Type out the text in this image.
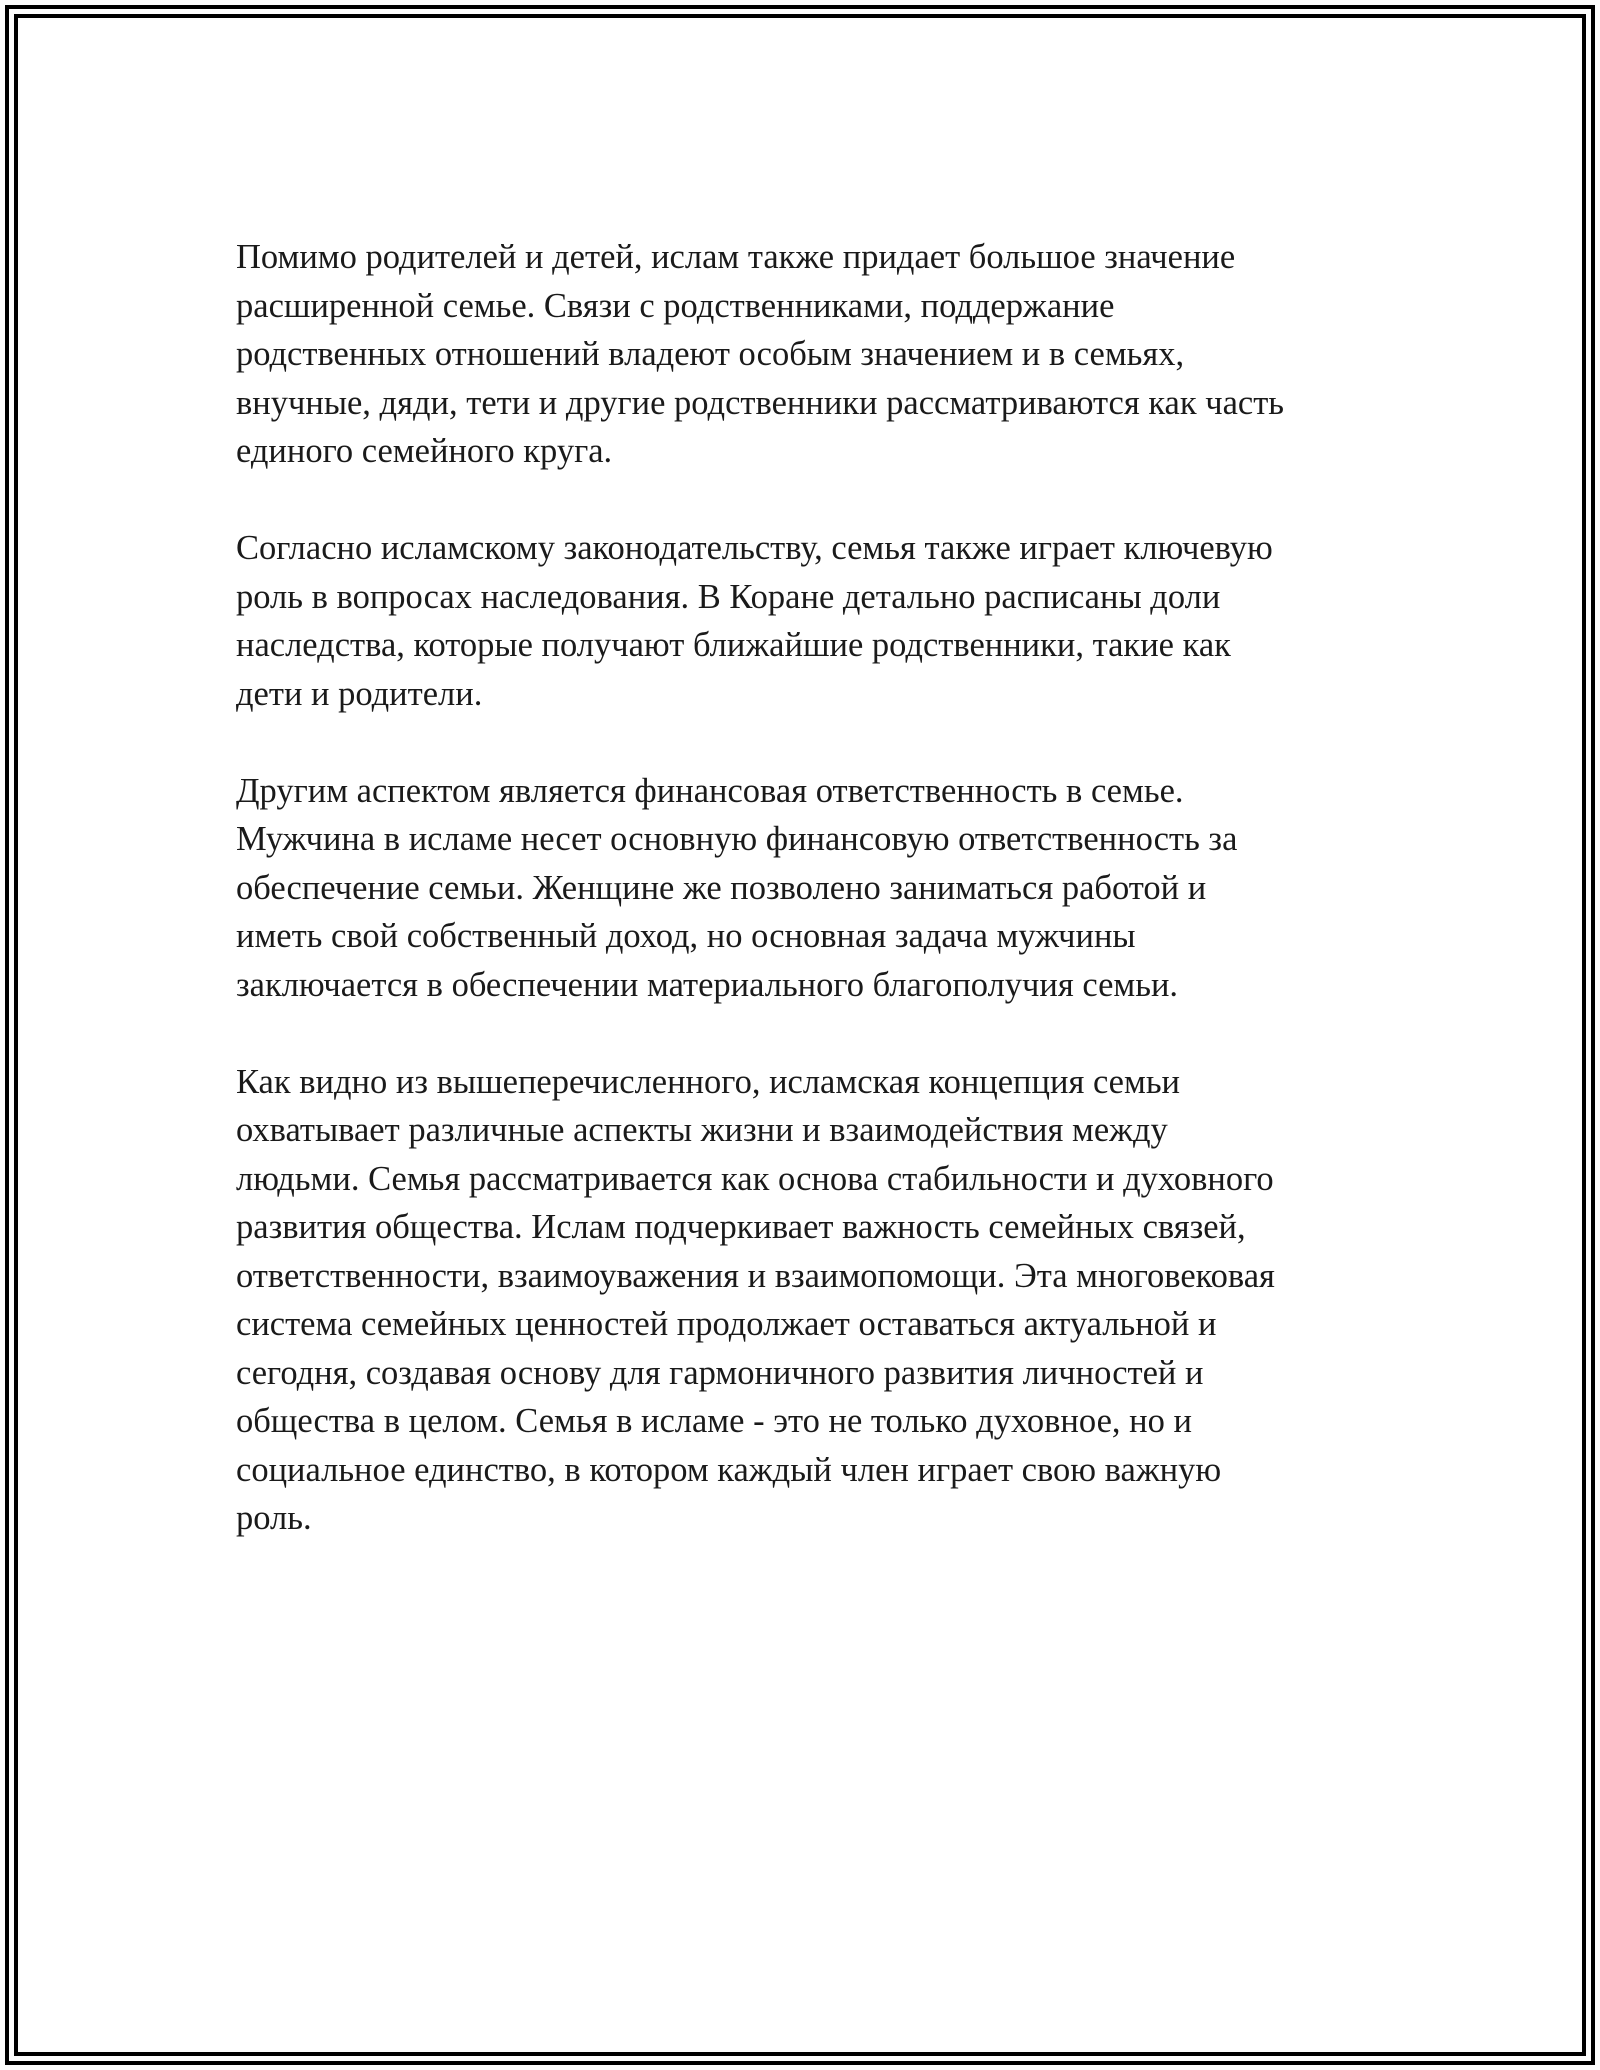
Помимо родителей и детей, ислам также придает большое значение
расширенной семье. Связи с родственниками, поддержание
родственных отношений владеют особым значением и в семьях,
внучные, дяди, тети и другие родственники рассматриваются как часть
единого семейного круга.

Согласно исламскому законодательству, семья также играет ключевую
роль в вопросах наследования. В Коране детально расписаны доли
наследства, которые получают ближайшие родственники, такие как
дети и родители.

Другим аспектом является финансовая ответственность в семье.
Мужчина в исламе несет основную финансовую ответственность за
обеспечение семьи. Женщине же позволено заниматься работой и
иметь свой собственный доход, но основная задача мужчины
заключается в обеспечении материального благополучия семьи.

Как видно из вышеперечисленного, исламская концепция семьи
охватывает различные аспекты жизни и взаимодействия между
людьми. Семья рассматривается как основа стабильности и духовного
развития общества. Ислам подчеркивает важность семейных связей,
ответственности, взаимоуважения и взаимопомощи. Эта многовековая
система семейных ценностей продолжает оставаться актуальной и
сегодня, создавая основу для гармоничного развития личностей и
общества в целом. Семья в исламе - это не только духовное, но и
социальное единство, в котором каждый член играет свою важную
роль.
